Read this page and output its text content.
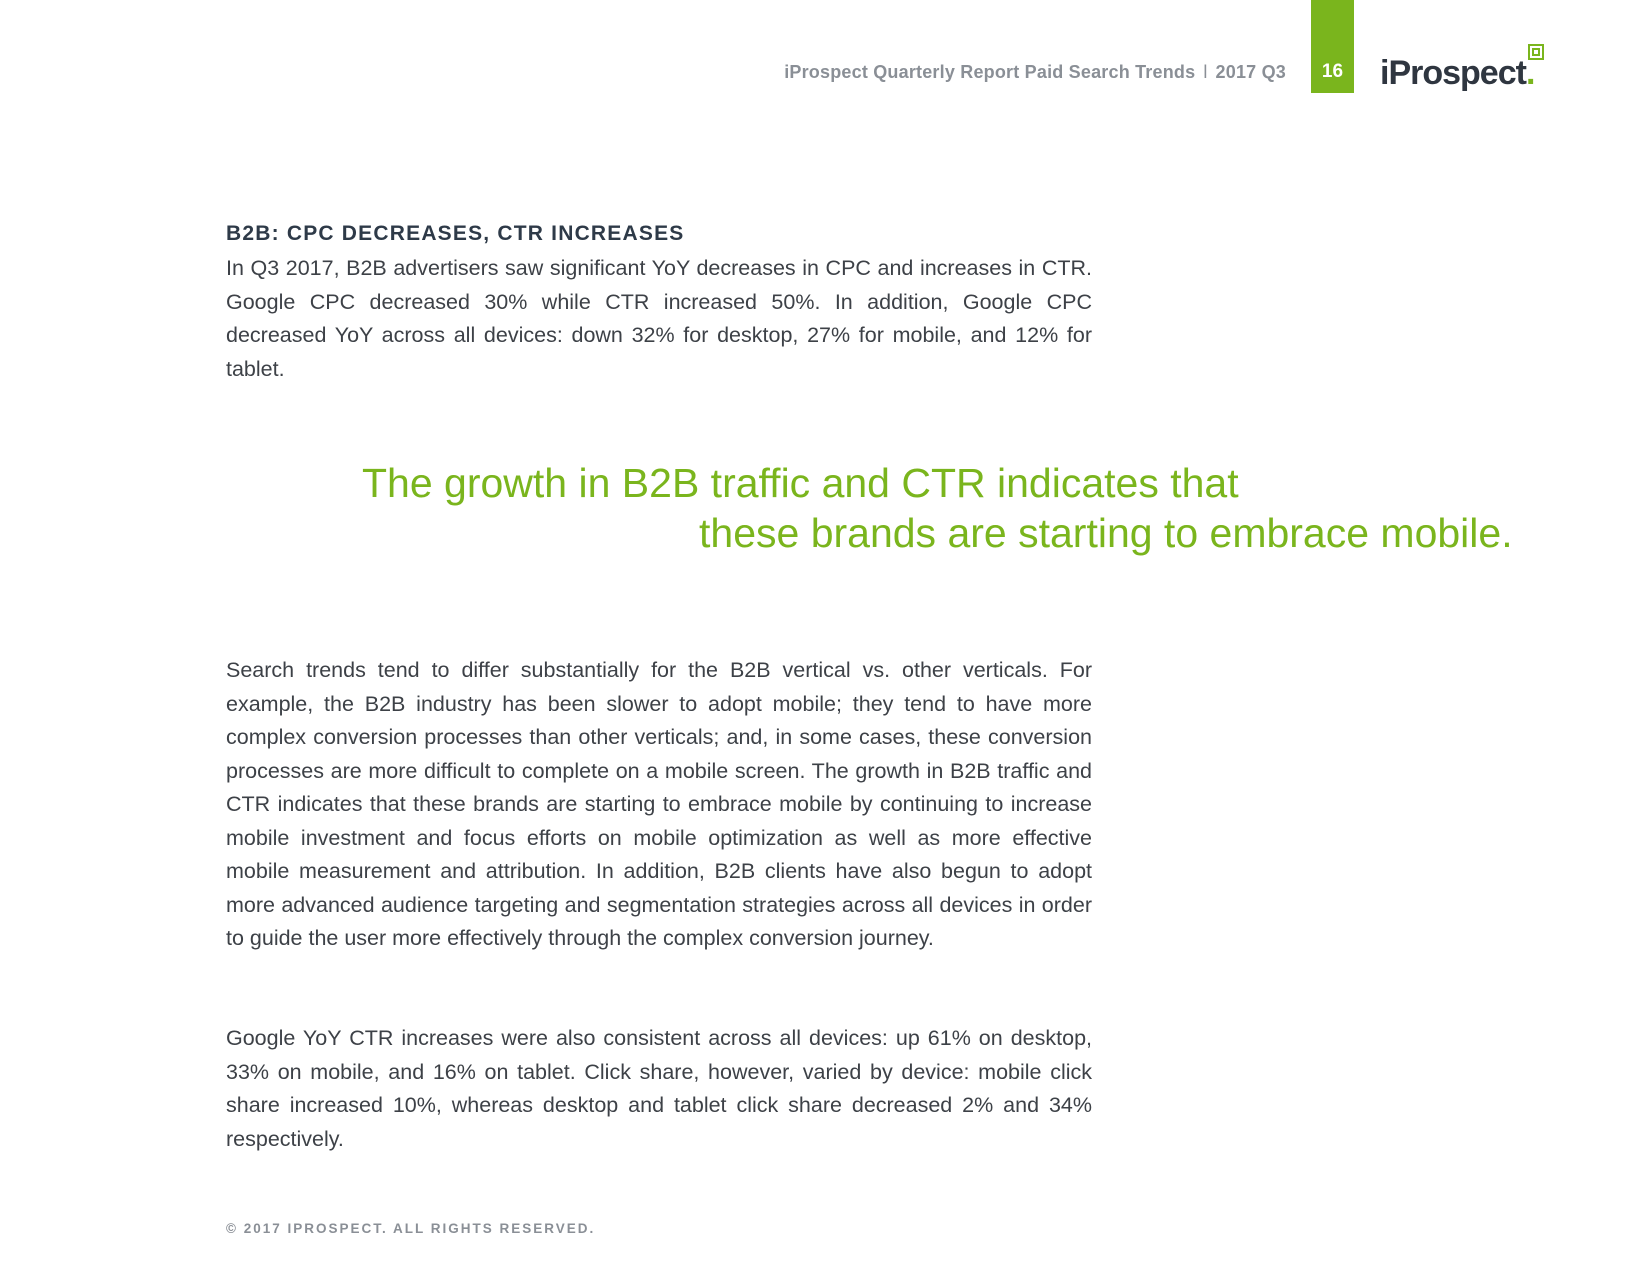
iProspect Quarterly Report Paid Search Trends l 2017 Q3	16	iProspect.
B2B: CPC DECREASES, CTR INCREASES

In Q3 2017, B2B advertisers saw significant YoY decreases in CPC and increases in CTR. Google CPC decreased 30% while CTR increased 50%. In addition, Google CPC decreased YoY across all devices: down 32% for desktop, 27% for mobile, and 12% for tablet.

The growth in B2B traffic and CTR indicates that
these brands are starting to embrace mobile.

Search trends tend to differ substantially for the B2B vertical vs. other verticals. For example, the B2B industry has been slower to adopt mobile; they tend to have more complex conversion processes than other verticals; and, in some cases, these conversion processes are more difficult to complete on a mobile screen. The growth in B2B traffic and CTR indicates that these brands are starting to embrace mobile by continuing to increase mobile investment and focus efforts on mobile optimization as well as more effective mobile measurement and attribution. In addition, B2B clients have also begun to adopt more advanced audience targeting and segmentation strategies across all devices in order to guide the user more effectively through the complex conversion journey.

Google YoY CTR increases were also consistent across all devices: up 61% on desktop, 33% on mobile, and 16% on tablet. Click share, however, varied by device: mobile click share increased 10%, whereas desktop and tablet click share decreased 2% and 34% respectively.

© 2017 IPROSPECT. ALL RIGHTS RESERVED.
